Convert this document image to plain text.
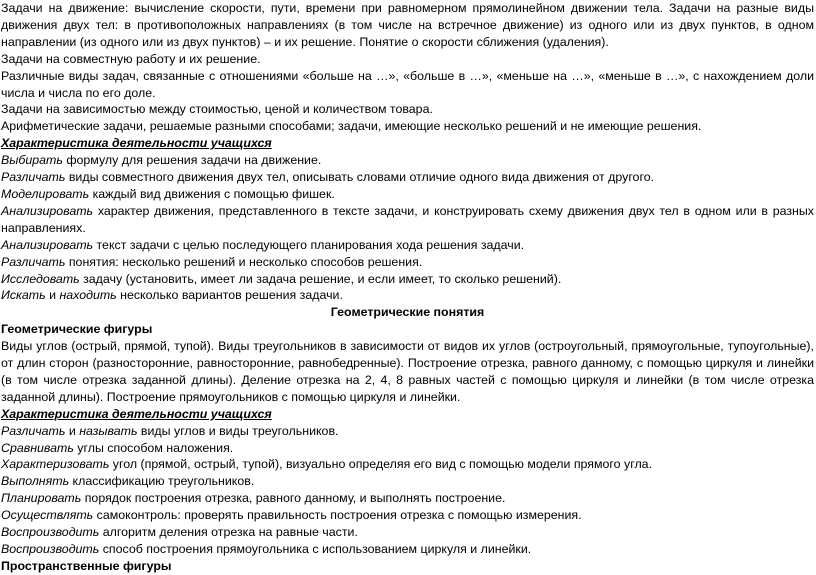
Задачи на движение: вычисление скорости, пути, времени при равномерном прямолинейном движении тела. Задачи на разные виды движения двух тел: в противоположных направлениях (в том числе на встречное движение) из одного или из двух пунктов, в одном направлении (из одного или из двух пунктов) – и их решение. Понятие о скорости сближения (удаления).

Задачи на совместную работу и их решение.

Различные виды задач, связанные с отношениями «больше на …», «больше в …», «меньше на …», «меньше в …», с нахождением доли числа и числа по его доле.

Задачи на зависимостью между стоимостью, ценой и количеством товара.

Арифметические задачи, решаемые разными способами; задачи, имеющие несколько решений и не имеющие решения.

Характеристика деятельности учащихся

Выбирать формулу для решения задачи на движение.

Различать виды совместного движения двух тел, описывать словами отличие одного вида движения от другого.

Моделировать каждый вид движения с помощью фишек.

Анализировать характер движения, представленного в тексте задачи, и конструировать схему движения двух тел в одном или в разных направлениях.

Анализировать текст задачи с целью последующего планирования хода решения задачи.

Различать понятия: несколько решений и несколько способов решения.

Исследовать задачу (установить, имеет ли задача решение, и если имеет, то сколько решений).

Искать и находить несколько вариантов решения задачи.

Геометрические понятия

Геометрические фигуры

Виды углов (острый, прямой, тупой). Виды треугольников в зависимости от видов их углов (остроугольный, прямоугольные, тупоугольные), от длин сторон (разносторонние, равносторонние, равнобедренные). Построение отрезка, равного данному, с помощью циркуля и линейки (в том числе отрезка заданной длины). Деление отрезка на 2, 4, 8 равных частей с помощью циркуля и линейки (в том числе отрезка заданной длины). Построение прямоугольников с помощью циркуля и линейки.

Характеристика деятельности учащихся

Различать и называть виды углов и виды треугольников.

Сравнивать углы способом наложения.

Характеризовать угол (прямой, острый, тупой), визуально определяя его вид с помощью модели прямого угла.

Выполнять классификацию треугольников.

Планировать порядок построения отрезка, равного данному, и выполнять построение.

Осуществлять самоконтроль: проверять правильность построения отрезка с помощью измерения.

Воспроизводить алгоритм деления отрезка на равные части.

Воспроизводить способ построения прямоугольника с использованием циркуля и линейки.

Пространственные фигуры
